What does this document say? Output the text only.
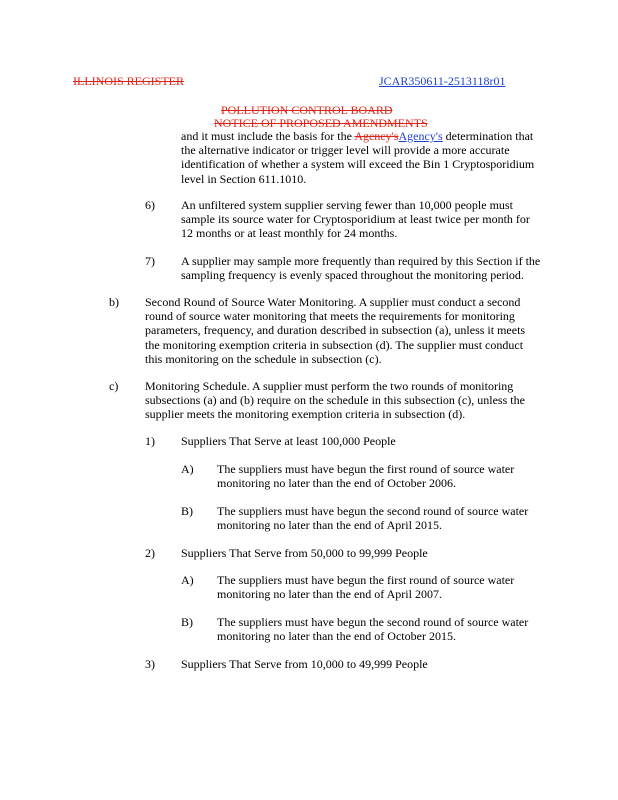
ILLINOIS REGISTER	JCAR350611-2513118r01
POLLUTION CONTROL BOARD
NOTICE OF PROPOSED AMENDMENTS
and it must include the basis for the Agency'sAgency's determination that
the alternative indicator or trigger level will provide a more accurate
identification of whether a system will exceed the Bin 1 Cryptosporidium
level in Section 611.1010.
6) An unfiltered system supplier serving fewer than 10,000 people must
sample its source water for Cryptosporidium at least twice per month for
12 months or at least monthly for 24 months.
7) A supplier may sample more frequently than required by this Section if the
sampling frequency is evenly spaced throughout the monitoring period.
b) Second Round of Source Water Monitoring. A supplier must conduct a second
round of source water monitoring that meets the requirements for monitoring
parameters, frequency, and duration described in subsection (a), unless it meets
the monitoring exemption criteria in subsection (d). The supplier must conduct
this monitoring on the schedule in subsection (c).
c) Monitoring Schedule. A supplier must perform the two rounds of monitoring
subsections (a) and (b) require on the schedule in this subsection (c), unless the
supplier meets the monitoring exemption criteria in subsection (d).
1) Suppliers That Serve at least 100,000 People
A) The suppliers must have begun the first round of source water
monitoring no later than the end of October 2006.
B) The suppliers must have begun the second round of source water
monitoring no later than the end of April 2015.
2) Suppliers That Serve from 50,000 to 99,999 People
A) The suppliers must have begun the first round of source water
monitoring no later than the end of April 2007.
B) The suppliers must have begun the second round of source water
monitoring no later than the end of October 2015.
3) Suppliers That Serve from 10,000 to 49,999 People
